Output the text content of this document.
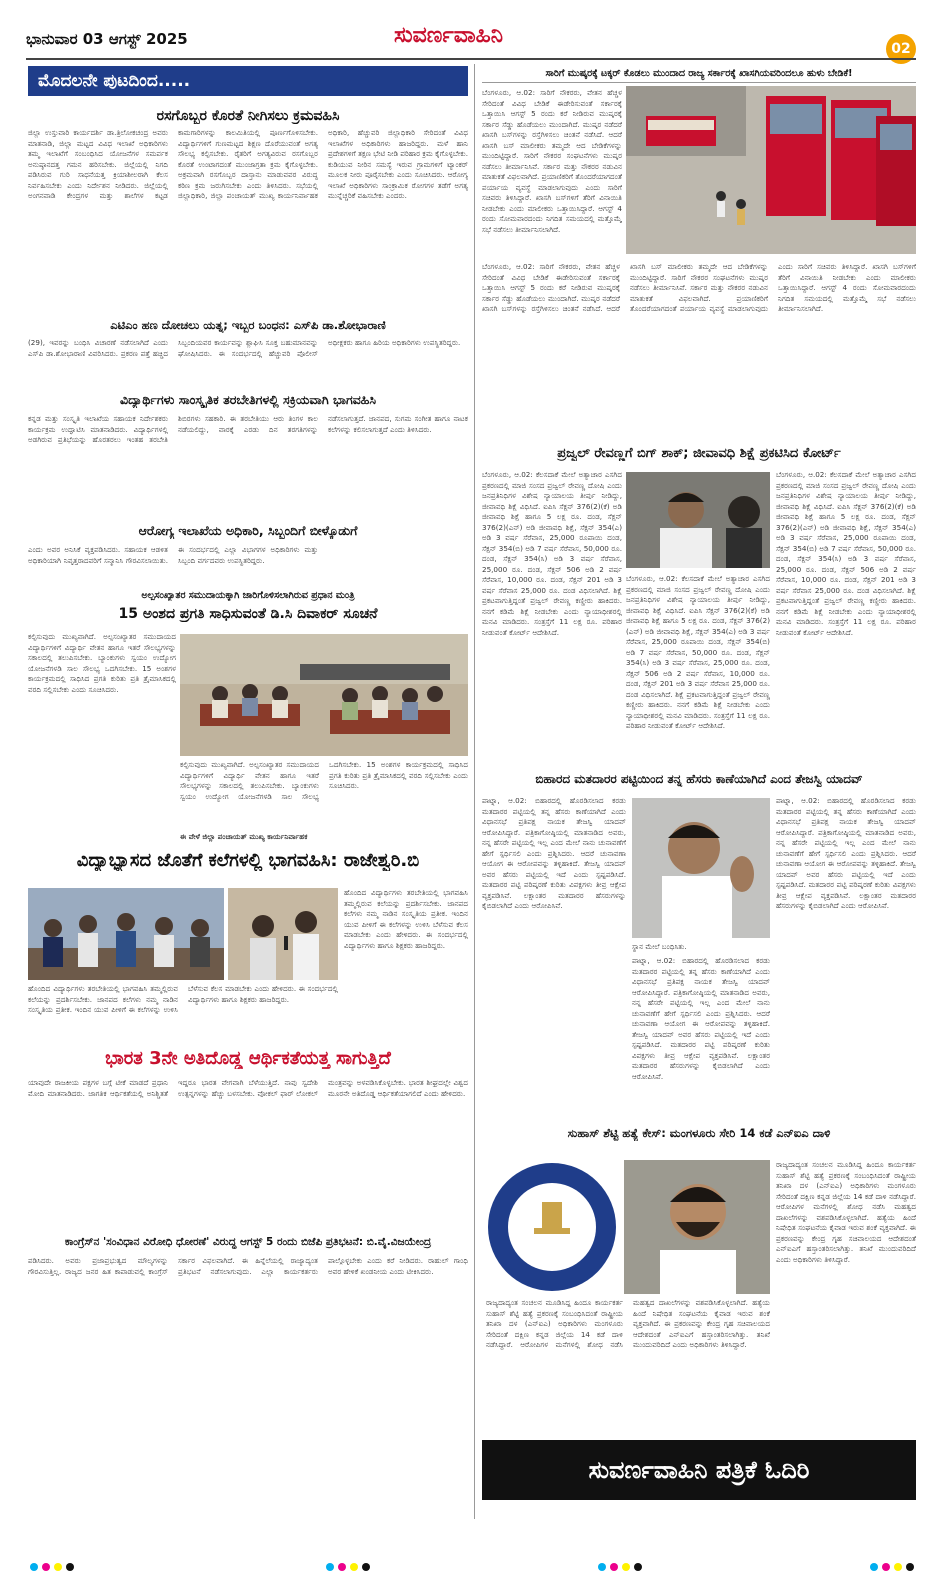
ಭಾನುವಾರ 03 ಆಗಸ್ಟ್ 2025	ಸುವರ್ಣವಾಹಿನಿ
02
ಮೊದಲನೇ ಪುಟದಿಂದ.....
ರಸಗೊಬ್ಬರ ಕೊರತೆ ನೀಗಿಸಲು ಕ್ರಮವಹಿಸಿ
ಜಿಲ್ಲಾ ಉಸ್ತುವಾರಿ ಕಾರ್ಯದರ್ಶಿ ಡಾ.ತ್ರಿಲೋಕಚಂದ್ರ ಅವರು ಮಾತನಾಡಿ, ಜಿಲ್ಲಾ ಮಟ್ಟದ ವಿವಿಧ ಇಲಾಖೆ ಅಧಿಕಾರಿಗಳು ತಮ್ಮ ಇಲಾಖೆಗೆ ಸಂಬಂಧಿಸಿದ ಯೋಜನೆಗಳ ಸಮರ್ಪಕ ಅನುಷ್ಠಾನದತ್ತ ಗಮನ ಹರಿಸಬೇಕು. ಜಿಲ್ಲೆಯಲ್ಲಿ ನಿಗದಿ ಪಡಿಸಿರುವ ಗುರಿ ಸಾಧನೆಯತ್ತ ಕ್ರಿಯಾಶೀಲರಾಗಿ ಕೆಲಸ ನಿರ್ವಹಿಸಬೇಕು ಎಂದು ನಿರ್ದೇಶನ ನೀಡಿದರು. ಜಿಲ್ಲೆಯಲ್ಲಿ ಅಂಗನವಾಡಿ ಕೇಂದ್ರಗಳ ಮತ್ತು ಶಾಲೆಗಳ ಕಟ್ಟಡ ಕಾಮಗಾರಿಗಳನ್ನು ಕಾಲಮಿತಿಯಲ್ಲಿ ಪೂರ್ಣಗೊಳಿಸಬೇಕು. ವಿದ್ಯಾರ್ಥಿಗಳಿಗೆ ಗುಣಮಟ್ಟದ ಶಿಕ್ಷಣ ದೊರೆಯುವಂತೆ ಅಗತ್ಯ ಸೌಲಭ್ಯ ಕಲ್ಪಿಸಬೇಕು. ರೈತರಿಗೆ ಅಗತ್ಯವಿರುವ ರಸಗೊಬ್ಬರ ಕೊರತೆ ಉಂಟಾಗದಂತೆ ಮುಂಜಾಗ್ರತಾ ಕ್ರಮ ಕೈಗೊಳ್ಳಬೇಕು. ಅಕ್ರಮವಾಗಿ ರಸಗೊಬ್ಬರ ದಾಸ್ತಾನು ಮಾಡುವವರ ವಿರುದ್ಧ ಕಠಿಣ ಕ್ರಮ ಜರುಗಿಸಬೇಕು ಎಂದು ತಿಳಿಸಿದರು. ಸಭೆಯಲ್ಲಿ ಜಿಲ್ಲಾಧಿಕಾರಿ, ಜಿಲ್ಲಾ ಪಂಚಾಯತ್ ಮುಖ್ಯ ಕಾರ್ಯನಿರ್ವಾಹಕ ಅಧಿಕಾರಿ, ಹೆಚ್ಚುವರಿ ಜಿಲ್ಲಾಧಿಕಾರಿ ಸೇರಿದಂತೆ ವಿವಿಧ ಇಲಾಖೆಗಳ ಅಧಿಕಾರಿಗಳು ಹಾಜರಿದ್ದರು. ಮಳೆ ಹಾನಿ ಪ್ರದೇಶಗಳಿಗೆ ತಕ್ಷಣ ಭೇಟಿ ನೀಡಿ ಪರಿಹಾರ ಕ್ರಮ ಕೈಗೊಳ್ಳಬೇಕು. ಕುಡಿಯುವ ನೀರಿನ ಸಮಸ್ಯೆ ಇರುವ ಗ್ರಾಮಗಳಿಗೆ ಟ್ಯಾಂಕರ್ ಮೂಲಕ ನೀರು ಪೂರೈಸಬೇಕು ಎಂದು ಸೂಚಿಸಿದರು. ಆರೋಗ್ಯ ಇಲಾಖೆ ಅಧಿಕಾರಿಗಳು ಸಾಂಕ್ರಾಮಿಕ ರೋಗಗಳ ತಡೆಗೆ ಅಗತ್ಯ ಮುನ್ನೆಚ್ಚರಿಕೆ ವಹಿಸಬೇಕು ಎಂದರು.
ಎಟಿಎಂ ಹಣ ದೋಚಲು ಯತ್ನ; ಇಬ್ಬರ ಬಂಧನ: ಎಸ್‌ಪಿ ಡಾ.ಶೋಭಾರಾಣಿ
(29), ಇವರನ್ನು ಬಂಧಿಸಿ ವಿಚಾರಣೆ ನಡೆಸಲಾಗಿದೆ ಎಂದು ಎಸ್‌ಪಿ ಡಾ.ಶೋಭಾರಾಣಿ ವಿವರಿಸಿದರು. ಪ್ರಕರಣ ಪತ್ತೆ ಹಚ್ಚಿದ ಸಿಬ್ಬಂದಿಯವರ ಕಾರ್ಯವನ್ನು ಶ್ಲಾಘಿಸಿ ಸೂಕ್ತ ಬಹುಮಾನವನ್ನು ಘೋಷಿಸಿದರು. ಈ ಸಂದರ್ಭದಲ್ಲಿ ಹೆಚ್ಚುವರಿ ಪೊಲೀಸ್ ಅಧೀಕ್ಷಕರು ಹಾಗೂ ಹಿರಿಯ ಅಧಿಕಾರಿಗಳು ಉಪಸ್ಥಿತರಿದ್ದರು.
ವಿದ್ಯಾರ್ಥಿಗಳು ಸಾಂಸ್ಕೃತಿಕ ತರಬೇತಿಗಳಲ್ಲಿ ಸಕ್ರಿಯವಾಗಿ ಭಾಗವಹಿಸಿ
ಕನ್ನಡ ಮತ್ತು ಸಂಸ್ಕೃತಿ ಇಲಾಖೆಯ ಸಹಾಯಕ ನಿರ್ದೇಶಕರು ಕಾರ್ಯಕ್ರಮ ಉದ್ಘಾಟಿಸಿ ಮಾತನಾಡಿದರು. ವಿದ್ಯಾರ್ಥಿಗಳಲ್ಲಿ ಅಡಗಿರುವ ಪ್ರತಿಭೆಯನ್ನು ಹೊರತರಲು ಇಂತಹ ತರಬೇತಿ ಶಿಬಿರಗಳು ಸಹಕಾರಿ. ಈ ತರಬೇತಿಯು ಆರು ತಿಂಗಳ ಕಾಲ ನಡೆಯಲಿದ್ದು, ವಾರಕ್ಕೆ ಎರಡು ದಿನ ತರಗತಿಗಳನ್ನು ನಡೆಸಲಾಗುತ್ತದೆ. ಜಾನಪದ, ಸುಗಮ ಸಂಗೀತ ಹಾಗೂ ನಾಟಕ ಕಲೆಗಳನ್ನು ಕಲಿಸಲಾಗುತ್ತದೆ ಎಂದು ತಿಳಿಸಿದರು.
ಆರೋಗ್ಯ ಇಲಾಖೆಯ ಅಧಿಕಾರಿ, ಸಿಬ್ಬಂದಿಗೆ ಬೀಳ್ಕೊಡುಗೆ
ಎಂದು ಅವರ ಅನಿಸಿಕೆ ವ್ಯಕ್ತಪಡಿಸಿದರು. ಸಹಾಯಕ ಆಡಳಿತ ಅಧಿಕಾರಿಯಾಗಿ ನಿವೃತ್ತರಾದವರಿಗೆ ಸನ್ಮಾನಿಸಿ ಗೌರವಿಸಲಾಯಿತು. ಈ ಸಂದರ್ಭದಲ್ಲಿ ಎಲ್ಲಾ ವಿಭಾಗಗಳ ಅಧಿಕಾರಿಗಳು ಮತ್ತು ಸಿಬ್ಬಂದಿ ವರ್ಗದವರು ಉಪಸ್ಥಿತರಿದ್ದರು.
ಅಲ್ಪಸಂಖ್ಯಾತರ ಸಮುದಾಯಕ್ಕಾಗಿ ಜಾರಿಗೊಳಿಸಲಾಗಿರುವ ಪ್ರಧಾನ ಮಂತ್ರಿ
15 ಅಂಶದ ಪ್ರಗತಿ ಸಾಧಿಸುವಂತೆ ಡಿ.ಸಿ ದಿವಾಕರ್ ಸೂಚನೆ
ಕಲ್ಪಿಸುವುದು ಮುಖ್ಯವಾಗಿದೆ. ಅಲ್ಪಸಂಖ್ಯಾತರ ಸಮುದಾಯದ ವಿದ್ಯಾರ್ಥಿಗಳಿಗೆ ವಿದ್ಯಾರ್ಥಿ ವೇತನ ಹಾಗೂ ಇತರೆ ಸೌಲಭ್ಯಗಳನ್ನು ಸಕಾಲದಲ್ಲಿ ತಲುಪಿಸಬೇಕು. ಬ್ಯಾಂಕುಗಳು ಸ್ವಯಂ ಉದ್ಯೋಗ ಯೋಜನೆಗಳಡಿ ಸಾಲ ಸೌಲಭ್ಯ ಒದಗಿಸಬೇಕು. 15 ಅಂಶಗಳ ಕಾರ್ಯಕ್ರಮದಲ್ಲಿ ಸಾಧಿಸಿದ ಪ್ರಗತಿ ಕುರಿತು ಪ್ರತಿ ತ್ರೈಮಾಸಿಕದಲ್ಲಿ ವರದಿ ಸಲ್ಲಿಸಬೇಕು ಎಂದು ಸೂಚಿಸಿದರು.
ಕಲ್ಪಿಸುವುದು ಮುಖ್ಯವಾಗಿದೆ. ಅಲ್ಪಸಂಖ್ಯಾತರ ಸಮುದಾಯದ ವಿದ್ಯಾರ್ಥಿಗಳಿಗೆ ವಿದ್ಯಾರ್ಥಿ ವೇತನ ಹಾಗೂ ಇತರೆ ಸೌಲಭ್ಯಗಳನ್ನು ಸಕಾಲದಲ್ಲಿ ತಲುಪಿಸಬೇಕು. ಬ್ಯಾಂಕುಗಳು ಸ್ವಯಂ ಉದ್ಯೋಗ ಯೋಜನೆಗಳಡಿ ಸಾಲ ಸೌಲಭ್ಯ ಒದಗಿಸಬೇಕು. 15 ಅಂಶಗಳ ಕಾರ್ಯಕ್ರಮದಲ್ಲಿ ಸಾಧಿಸಿದ ಪ್ರಗತಿ ಕುರಿತು ಪ್ರತಿ ತ್ರೈಮಾಸಿಕದಲ್ಲಿ ವರದಿ ಸಲ್ಲಿಸಬೇಕು ಎಂದು ಸೂಚಿಸಿದರು.
ಈ ವೇಳೆ ಜಿಲ್ಲಾ ಪಂಚಾಯತ್ ಮುಖ್ಯ ಕಾರ್ಯನಿರ್ವಾಹಕ
ವಿದ್ಯಾಭ್ಯಾಸದ ಜೊತೆಗೆ ಕಲೆಗಳಲ್ಲಿ ಭಾಗವಹಿಸಿ: ರಾಜೇಶ್ವರಿ.ಬಿ
ಹೊಂದಿದ ವಿದ್ಯಾರ್ಥಿಗಳು ತರಬೇತಿಯಲ್ಲಿ ಭಾಗವಹಿಸಿ ತಮ್ಮಲ್ಲಿರುವ ಕಲೆಯನ್ನು ಪ್ರದರ್ಶಿಸಬೇಕು. ಜಾನಪದ ಕಲೆಗಳು ನಮ್ಮ ನಾಡಿನ ಸಂಸ್ಕೃತಿಯ ಪ್ರತೀಕ. ಇಂದಿನ ಯುವ ಪೀಳಿಗೆ ಈ ಕಲೆಗಳನ್ನು ಉಳಿಸಿ ಬೆಳೆಸುವ ಕೆಲಸ ಮಾಡಬೇಕು ಎಂದು ಹೇಳಿದರು. ಈ ಸಂದರ್ಭದಲ್ಲಿ ವಿದ್ಯಾರ್ಥಿಗಳು ಹಾಗೂ ಶಿಕ್ಷಕರು ಹಾಜರಿದ್ದರು.
ಹೊಂದಿದ ವಿದ್ಯಾರ್ಥಿಗಳು ತರಬೇತಿಯಲ್ಲಿ ಭಾಗವಹಿಸಿ ತಮ್ಮಲ್ಲಿರುವ ಕಲೆಯನ್ನು ಪ್ರದರ್ಶಿಸಬೇಕು. ಜಾನಪದ ಕಲೆಗಳು ನಮ್ಮ ನಾಡಿನ ಸಂಸ್ಕೃತಿಯ ಪ್ರತೀಕ. ಇಂದಿನ ಯುವ ಪೀಳಿಗೆ ಈ ಕಲೆಗಳನ್ನು ಉಳಿಸಿ ಬೆಳೆಸುವ ಕೆಲಸ ಮಾಡಬೇಕು ಎಂದು ಹೇಳಿದರು. ಈ ಸಂದರ್ಭದಲ್ಲಿ ವಿದ್ಯಾರ್ಥಿಗಳು ಹಾಗೂ ಶಿಕ್ಷಕರು ಹಾಜರಿದ್ದರು.
ಭಾರತ 3ನೇ ಅತಿದೊಡ್ಡ ಆರ್ಥಿಕತೆಯತ್ತ ಸಾಗುತ್ತಿದೆ
ಯಾವುದೇ ರಾಜಕೀಯ ಪಕ್ಷಗಳ ಬಗ್ಗೆ ಟೀಕೆ ಮಾಡದೆ ಪ್ರಧಾನಿ ಮೋದಿ ಮಾತನಾಡಿದರು. ಜಾಗತಿಕ ಆರ್ಥಿಕತೆಯಲ್ಲಿ ಅನಿಶ್ಚಿತತೆ ಇದ್ದರೂ ಭಾರತ ವೇಗವಾಗಿ ಬೆಳೆಯುತ್ತಿದೆ. ನಾವು ಸ್ವದೇಶಿ ಉತ್ಪನ್ನಗಳನ್ನು ಹೆಚ್ಚು ಬಳಸಬೇಕು. ವೋಕಲ್ ಫಾರ್ ಲೋಕಲ್ ಮಂತ್ರವನ್ನು ಅಳವಡಿಸಿಕೊಳ್ಳಬೇಕು. ಭಾರತ ಶೀಘ್ರದಲ್ಲೇ ವಿಶ್ವದ ಮೂರನೇ ಅತಿದೊಡ್ಡ ಆರ್ಥಿಕತೆಯಾಗಲಿದೆ ಎಂದು ಹೇಳಿದರು.
ಕಾಂಗ್ರೆಸ್‌ನ 'ಸಂವಿಧಾನ ವಿರೋಧಿ ಧೋರಣೆ' ವಿರುದ್ಧ ಆಗಸ್ಟ್ 5 ರಂದು ಬಿಜೆಪಿ ಪ್ರತಿಭಟನೆ: ಬಿ.ವೈ.ವಿಜಯೇಂದ್ರ
ಪಡಿಸಿದರು. ಅವರು ಪ್ರಜಾಪ್ರಭುತ್ವದ ಮೌಲ್ಯಗಳನ್ನು ಗೌರವಿಸುತ್ತಿಲ್ಲ. ರಾಜ್ಯದ ಜನರ ಹಿತ ಕಾಪಾಡುವಲ್ಲಿ ಕಾಂಗ್ರೆಸ್ ಸರ್ಕಾರ ವಿಫಲವಾಗಿದೆ. ಈ ಹಿನ್ನೆಲೆಯಲ್ಲಿ ರಾಜ್ಯಾದ್ಯಂತ ಪ್ರತಿಭಟನೆ ನಡೆಸಲಾಗುವುದು. ಎಲ್ಲಾ ಕಾರ್ಯಕರ್ತರು ಪಾಲ್ಗೊಳ್ಳಬೇಕು ಎಂದು ಕರೆ ನೀಡಿದರು. ರಾಹುಲ್ ಗಾಂಧಿ ಅವರ ಹೇಳಿಕೆ ಖಂಡನೀಯ ಎಂದು ಟೀಕಿಸಿದರು.
ಸಾರಿಗೆ ಮುಷ್ಕರಕ್ಕೆ ಟಕ್ಕರ್ ಕೊಡಲು ಮುಂದಾದ ರಾಜ್ಯ ಸರ್ಕಾರಕ್ಕೆ ಖಾಸಗಿಯವರಿಂದಲೂ ಹುಳು ಬೇಡಿಕೆ!
ಬೆಂಗಳೂರು, ಆ.02: ಸಾರಿಗೆ ನೌಕರರು, ವೇತನ ಹೆಚ್ಚಳ ಸೇರಿದಂತೆ ವಿವಿಧ ಬೇಡಿಕೆ ಈಡೇರಿಸುವಂತೆ ಸರ್ಕಾರಕ್ಕೆ ಒತ್ತಾಯಿಸಿ ಆಗಸ್ಟ್ 5 ರಂದು ಕರೆ ನೀಡಿರುವ ಮುಷ್ಕರಕ್ಕೆ ಸರ್ಕಾರ ಸೆಡ್ಡು ಹೊಡೆಯಲು ಮುಂದಾಗಿದೆ. ಮುಷ್ಕರ ನಡೆದರೆ ಖಾಸಗಿ ಬಸ್‌ಗಳನ್ನು ರಸ್ತೆಗಿಳಿಸಲು ಚಿಂತನೆ ನಡೆಸಿದೆ. ಆದರೆ ಖಾಸಗಿ ಬಸ್ ಮಾಲೀಕರು ತಮ್ಮದೇ ಆದ ಬೇಡಿಕೆಗಳನ್ನು ಮುಂದಿಟ್ಟಿದ್ದಾರೆ. ಸಾರಿಗೆ ನೌಕರರ ಸಂಘಟನೆಗಳು ಮುಷ್ಕರ ನಡೆಸಲು ತೀರ್ಮಾನಿಸಿವೆ. ಸರ್ಕಾರ ಮತ್ತು ನೌಕರರ ನಡುವಿನ ಮಾತುಕತೆ ವಿಫಲವಾಗಿದೆ. ಪ್ರಯಾಣಿಕರಿಗೆ ತೊಂದರೆಯಾಗದಂತೆ ಪರ್ಯಾಯ ವ್ಯವಸ್ಥೆ ಮಾಡಲಾಗುವುದು ಎಂದು ಸಾರಿಗೆ ಸಚಿವರು ತಿಳಿಸಿದ್ದಾರೆ. ಖಾಸಗಿ ಬಸ್‌ಗಳಿಗೆ ತೆರಿಗೆ ವಿನಾಯಿತಿ ನೀಡಬೇಕು ಎಂದು ಮಾಲೀಕರು ಒತ್ತಾಯಿಸಿದ್ದಾರೆ. ಆಗಸ್ಟ್ 4 ರಂದು ಸೋಮವಾರದಂದು ನಿಗದಿತ ಸಮಯದಲ್ಲಿ ಮತ್ತೊಮ್ಮೆ ಸಭೆ ನಡೆಸಲು ತೀರ್ಮಾನಿಸಲಾಗಿದೆ.
ಬೆಂಗಳೂರು, ಆ.02: ಸಾರಿಗೆ ನೌಕರರು, ವೇತನ ಹೆಚ್ಚಳ ಸೇರಿದಂತೆ ವಿವಿಧ ಬೇಡಿಕೆ ಈಡೇರಿಸುವಂತೆ ಸರ್ಕಾರಕ್ಕೆ ಒತ್ತಾಯಿಸಿ ಆಗಸ್ಟ್ 5 ರಂದು ಕರೆ ನೀಡಿರುವ ಮುಷ್ಕರಕ್ಕೆ ಸರ್ಕಾರ ಸೆಡ್ಡು ಹೊಡೆಯಲು ಮುಂದಾಗಿದೆ. ಮುಷ್ಕರ ನಡೆದರೆ ಖಾಸಗಿ ಬಸ್‌ಗಳನ್ನು ರಸ್ತೆಗಿಳಿಸಲು ಚಿಂತನೆ ನಡೆಸಿದೆ. ಆದರೆ ಖಾಸಗಿ ಬಸ್ ಮಾಲೀಕರು ತಮ್ಮದೇ ಆದ ಬೇಡಿಕೆಗಳನ್ನು ಮುಂದಿಟ್ಟಿದ್ದಾರೆ. ಸಾರಿಗೆ ನೌಕರರ ಸಂಘಟನೆಗಳು ಮುಷ್ಕರ ನಡೆಸಲು ತೀರ್ಮಾನಿಸಿವೆ. ಸರ್ಕಾರ ಮತ್ತು ನೌಕರರ ನಡುವಿನ ಮಾತುಕತೆ ವಿಫಲವಾಗಿದೆ. ಪ್ರಯಾಣಿಕರಿಗೆ ತೊಂದರೆಯಾಗದಂತೆ ಪರ್ಯಾಯ ವ್ಯವಸ್ಥೆ ಮಾಡಲಾಗುವುದು ಎಂದು ಸಾರಿಗೆ ಸಚಿವರು ತಿಳಿಸಿದ್ದಾರೆ. ಖಾಸಗಿ ಬಸ್‌ಗಳಿಗೆ ತೆರಿಗೆ ವಿನಾಯಿತಿ ನೀಡಬೇಕು ಎಂದು ಮಾಲೀಕರು ಒತ್ತಾಯಿಸಿದ್ದಾರೆ. ಆಗಸ್ಟ್ 4 ರಂದು ಸೋಮವಾರದಂದು ನಿಗದಿತ ಸಮಯದಲ್ಲಿ ಮತ್ತೊಮ್ಮೆ ಸಭೆ ನಡೆಸಲು ತೀರ್ಮಾನಿಸಲಾಗಿದೆ.
ಪ್ರಜ್ವಲ್ ರೇವಣ್ಣಗೆ ಬಿಗ್ ಶಾಕ್; ಜೀವಾವಧಿ ಶಿಕ್ಷೆ ಪ್ರಕಟಿಸಿದ ಕೋರ್ಟ್
ಬೆಂಗಳೂರು, ಆ.02: ಕೆಲಸದಾಕೆ ಮೇಲೆ ಅತ್ಯಾಚಾರ ಎಸಗಿದ ಪ್ರಕರಣದಲ್ಲಿ ಮಾಜಿ ಸಂಸದ ಪ್ರಜ್ವಲ್ ರೇವಣ್ಣ ದೋಷಿ ಎಂದು ಜನಪ್ರತಿನಿಧಿಗಳ ವಿಶೇಷ ನ್ಯಾಯಾಲಯ ತೀರ್ಪು ನೀಡಿದ್ದು, ಜೀವಾವಧಿ ಶಿಕ್ಷೆ ವಿಧಿಸಿದೆ. ಐಪಿಸಿ ಸೆಕ್ಷನ್ 376(2)(ಕೆ) ಅಡಿ ಜೀವಾವಧಿ ಶಿಕ್ಷೆ ಹಾಗೂ 5 ಲಕ್ಷ ರೂ. ದಂಡ, ಸೆಕ್ಷನ್ 376(2)(ಎನ್) ಅಡಿ ಜೀವಾವಧಿ ಶಿಕ್ಷೆ, ಸೆಕ್ಷನ್ 354(ಎ) ಅಡಿ 3 ವರ್ಷ ಸೆರೆವಾಸ, 25,000 ರೂಪಾಯಿ ದಂಡ, ಸೆಕ್ಷನ್ 354(ಬಿ) ಅಡಿ 7 ವರ್ಷ ಸೆರೆವಾಸ, 50,000 ರೂ. ದಂಡ, ಸೆಕ್ಷನ್ 354(ಸಿ) ಅಡಿ 3 ವರ್ಷ ಸೆರೆವಾಸ, 25,000 ರೂ. ದಂಡ, ಸೆಕ್ಷನ್ 506 ಅಡಿ 2 ವರ್ಷ ಸೆರೆವಾಸ, 10,000 ರೂ. ದಂಡ, ಸೆಕ್ಷನ್ 201 ಅಡಿ 3 ವರ್ಷ ಸೆರೆವಾಸ 25,000 ರೂ. ದಂಡ ವಿಧಿಸಲಾಗಿದೆ. ಶಿಕ್ಷೆ ಪ್ರಕಟವಾಗುತ್ತಿದ್ದಂತೆ ಪ್ರಜ್ವಲ್ ರೇವಣ್ಣ ಕಣ್ಣೀರು ಹಾಕಿದರು. ನನಗೆ ಕಡಿಮೆ ಶಿಕ್ಷೆ ನೀಡಬೇಕು ಎಂದು ನ್ಯಾಯಾಧೀಶರಲ್ಲಿ ಮನವಿ ಮಾಡಿದರು. ಸಂತ್ರಸ್ತೆಗೆ 11 ಲಕ್ಷ ರೂ. ಪರಿಹಾರ ನೀಡುವಂತೆ ಕೋರ್ಟ್ ಆದೇಶಿಸಿದೆ.
ಬೆಂಗಳೂರು, ಆ.02: ಕೆಲಸದಾಕೆ ಮೇಲೆ ಅತ್ಯಾಚಾರ ಎಸಗಿದ ಪ್ರಕರಣದಲ್ಲಿ ಮಾಜಿ ಸಂಸದ ಪ್ರಜ್ವಲ್ ರೇವಣ್ಣ ದೋಷಿ ಎಂದು ಜನಪ್ರತಿನಿಧಿಗಳ ವಿಶೇಷ ನ್ಯಾಯಾಲಯ ತೀರ್ಪು ನೀಡಿದ್ದು, ಜೀವಾವಧಿ ಶಿಕ್ಷೆ ವಿಧಿಸಿದೆ. ಐಪಿಸಿ ಸೆಕ್ಷನ್ 376(2)(ಕೆ) ಅಡಿ ಜೀವಾವಧಿ ಶಿಕ್ಷೆ ಹಾಗೂ 5 ಲಕ್ಷ ರೂ. ದಂಡ, ಸೆಕ್ಷನ್ 376(2)(ಎನ್) ಅಡಿ ಜೀವಾವಧಿ ಶಿಕ್ಷೆ, ಸೆಕ್ಷನ್ 354(ಎ) ಅಡಿ 3 ವರ್ಷ ಸೆರೆವಾಸ, 25,000 ರೂಪಾಯಿ ದಂಡ, ಸೆಕ್ಷನ್ 354(ಬಿ) ಅಡಿ 7 ವರ್ಷ ಸೆರೆವಾಸ, 50,000 ರೂ. ದಂಡ, ಸೆಕ್ಷನ್ 354(ಸಿ) ಅಡಿ 3 ವರ್ಷ ಸೆರೆವಾಸ, 25,000 ರೂ. ದಂಡ, ಸೆಕ್ಷನ್ 506 ಅಡಿ 2 ವರ್ಷ ಸೆರೆವಾಸ, 10,000 ರೂ. ದಂಡ, ಸೆಕ್ಷನ್ 201 ಅಡಿ 3 ವರ್ಷ ಸೆರೆವಾಸ 25,000 ರೂ. ದಂಡ ವಿಧಿಸಲಾಗಿದೆ. ಶಿಕ್ಷೆ ಪ್ರಕಟವಾಗುತ್ತಿದ್ದಂತೆ ಪ್ರಜ್ವಲ್ ರೇವಣ್ಣ ಕಣ್ಣೀರು ಹಾಕಿದರು. ನನಗೆ ಕಡಿಮೆ ಶಿಕ್ಷೆ ನೀಡಬೇಕು ಎಂದು ನ್ಯಾಯಾಧೀಶರಲ್ಲಿ ಮನವಿ ಮಾಡಿದರು. ಸಂತ್ರಸ್ತೆಗೆ 11 ಲಕ್ಷ ರೂ. ಪರಿಹಾರ ನೀಡುವಂತೆ ಕೋರ್ಟ್ ಆದೇಶಿಸಿದೆ.
ಬೆಂಗಳೂರು, ಆ.02: ಕೆಲಸದಾಕೆ ಮೇಲೆ ಅತ್ಯಾಚಾರ ಎಸಗಿದ ಪ್ರಕರಣದಲ್ಲಿ ಮಾಜಿ ಸಂಸದ ಪ್ರಜ್ವಲ್ ರೇವಣ್ಣ ದೋಷಿ ಎಂದು ಜನಪ್ರತಿನಿಧಿಗಳ ವಿಶೇಷ ನ್ಯಾಯಾಲಯ ತೀರ್ಪು ನೀಡಿದ್ದು, ಜೀವಾವಧಿ ಶಿಕ್ಷೆ ವಿಧಿಸಿದೆ. ಐಪಿಸಿ ಸೆಕ್ಷನ್ 376(2)(ಕೆ) ಅಡಿ ಜೀವಾವಧಿ ಶಿಕ್ಷೆ ಹಾಗೂ 5 ಲಕ್ಷ ರೂ. ದಂಡ, ಸೆಕ್ಷನ್ 376(2)(ಎನ್) ಅಡಿ ಜೀವಾವಧಿ ಶಿಕ್ಷೆ, ಸೆಕ್ಷನ್ 354(ಎ) ಅಡಿ 3 ವರ್ಷ ಸೆರೆವಾಸ, 25,000 ರೂಪಾಯಿ ದಂಡ, ಸೆಕ್ಷನ್ 354(ಬಿ) ಅಡಿ 7 ವರ್ಷ ಸೆರೆವಾಸ, 50,000 ರೂ. ದಂಡ, ಸೆಕ್ಷನ್ 354(ಸಿ) ಅಡಿ 3 ವರ್ಷ ಸೆರೆವಾಸ, 25,000 ರೂ. ದಂಡ, ಸೆಕ್ಷನ್ 506 ಅಡಿ 2 ವರ್ಷ ಸೆರೆವಾಸ, 10,000 ರೂ. ದಂಡ, ಸೆಕ್ಷನ್ 201 ಅಡಿ 3 ವರ್ಷ ಸೆರೆವಾಸ 25,000 ರೂ. ದಂಡ ವಿಧಿಸಲಾಗಿದೆ. ಶಿಕ್ಷೆ ಪ್ರಕಟವಾಗುತ್ತಿದ್ದಂತೆ ಪ್ರಜ್ವಲ್ ರೇವಣ್ಣ ಕಣ್ಣೀರು ಹಾಕಿದರು. ನನಗೆ ಕಡಿಮೆ ಶಿಕ್ಷೆ ನೀಡಬೇಕು ಎಂದು ನ್ಯಾಯಾಧೀಶರಲ್ಲಿ ಮನವಿ ಮಾಡಿದರು. ಸಂತ್ರಸ್ತೆಗೆ 11 ಲಕ್ಷ ರೂ. ಪರಿಹಾರ ನೀಡುವಂತೆ ಕೋರ್ಟ್ ಆದೇಶಿಸಿದೆ.
ಬಿಹಾರದ ಮತದಾರರ ಪಟ್ಟಿಯಿಂದ ತನ್ನ ಹೆಸರು ಕಾಣೆಯಾಗಿದೆ ಎಂದ ತೇಜಸ್ವಿ ಯಾದವ್
ಪಾಟ್ನಾ, ಆ.02: ಬಿಹಾರದಲ್ಲಿ ಹೊರಡಿಸಲಾದ ಕರಡು ಮತದಾರರ ಪಟ್ಟಿಯಲ್ಲಿ ತನ್ನ ಹೆಸರು ಕಾಣೆಯಾಗಿದೆ ಎಂದು ವಿಧಾನಸಭೆ ಪ್ರತಿಪಕ್ಷ ನಾಯಕ ತೇಜಸ್ವಿ ಯಾದವ್ ಆರೋಪಿಸಿದ್ದಾರೆ. ಪತ್ರಿಕಾಗೋಷ್ಠಿಯಲ್ಲಿ ಮಾತನಾಡಿದ ಅವರು, ನನ್ನ ಹೆಸರೇ ಪಟ್ಟಿಯಲ್ಲಿ ಇಲ್ಲ ಎಂದ ಮೇಲೆ ನಾನು ಚುನಾವಣೆಗೆ ಹೇಗೆ ಸ್ಪರ್ಧಿಸಲಿ ಎಂದು ಪ್ರಶ್ನಿಸಿದರು. ಆದರೆ ಚುನಾವಣಾ ಆಯೋಗ ಈ ಆರೋಪವನ್ನು ತಳ್ಳಿಹಾಕಿದೆ. ತೇಜಸ್ವಿ ಯಾದವ್ ಅವರ ಹೆಸರು ಪಟ್ಟಿಯಲ್ಲಿ ಇದೆ ಎಂದು ಸ್ಪಷ್ಟಪಡಿಸಿದೆ. ಮತದಾರರ ಪಟ್ಟಿ ಪರಿಷ್ಕರಣೆ ಕುರಿತು ವಿಪಕ್ಷಗಳು ತೀವ್ರ ಆಕ್ಷೇಪ ವ್ಯಕ್ತಪಡಿಸಿವೆ. ಲಕ್ಷಾಂತರ ಮತದಾರರ ಹೆಸರುಗಳನ್ನು ಕೈಬಿಡಲಾಗಿದೆ ಎಂದು ಆರೋಪಿಸಿವೆ.
ಸ್ಥಾನ ಮೇಲೆ ಬಂಧಿಸಿತು.
ಪಾಟ್ನಾ, ಆ.02: ಬಿಹಾರದಲ್ಲಿ ಹೊರಡಿಸಲಾದ ಕರಡು ಮತದಾರರ ಪಟ್ಟಿಯಲ್ಲಿ ತನ್ನ ಹೆಸರು ಕಾಣೆಯಾಗಿದೆ ಎಂದು ವಿಧಾನಸಭೆ ಪ್ರತಿಪಕ್ಷ ನಾಯಕ ತೇಜಸ್ವಿ ಯಾದವ್ ಆರೋಪಿಸಿದ್ದಾರೆ. ಪತ್ರಿಕಾಗೋಷ್ಠಿಯಲ್ಲಿ ಮಾತನಾಡಿದ ಅವರು, ನನ್ನ ಹೆಸರೇ ಪಟ್ಟಿಯಲ್ಲಿ ಇಲ್ಲ ಎಂದ ಮೇಲೆ ನಾನು ಚುನಾವಣೆಗೆ ಹೇಗೆ ಸ್ಪರ್ಧಿಸಲಿ ಎಂದು ಪ್ರಶ್ನಿಸಿದರು. ಆದರೆ ಚುನಾವಣಾ ಆಯೋಗ ಈ ಆರೋಪವನ್ನು ತಳ್ಳಿಹಾಕಿದೆ. ತೇಜಸ್ವಿ ಯಾದವ್ ಅವರ ಹೆಸರು ಪಟ್ಟಿಯಲ್ಲಿ ಇದೆ ಎಂದು ಸ್ಪಷ್ಟಪಡಿಸಿದೆ. ಮತದಾರರ ಪಟ್ಟಿ ಪರಿಷ್ಕರಣೆ ಕುರಿತು ವಿಪಕ್ಷಗಳು ತೀವ್ರ ಆಕ್ಷೇಪ ವ್ಯಕ್ತಪಡಿಸಿವೆ. ಲಕ್ಷಾಂತರ ಮತದಾರರ ಹೆಸರುಗಳನ್ನು ಕೈಬಿಡಲಾಗಿದೆ ಎಂದು ಆರೋಪಿಸಿವೆ.
ಪಾಟ್ನಾ, ಆ.02: ಬಿಹಾರದಲ್ಲಿ ಹೊರಡಿಸಲಾದ ಕರಡು ಮತದಾರರ ಪಟ್ಟಿಯಲ್ಲಿ ತನ್ನ ಹೆಸರು ಕಾಣೆಯಾಗಿದೆ ಎಂದು ವಿಧಾನಸಭೆ ಪ್ರತಿಪಕ್ಷ ನಾಯಕ ತೇಜಸ್ವಿ ಯಾದವ್ ಆರೋಪಿಸಿದ್ದಾರೆ. ಪತ್ರಿಕಾಗೋಷ್ಠಿಯಲ್ಲಿ ಮಾತನಾಡಿದ ಅವರು, ನನ್ನ ಹೆಸರೇ ಪಟ್ಟಿಯಲ್ಲಿ ಇಲ್ಲ ಎಂದ ಮೇಲೆ ನಾನು ಚುನಾವಣೆಗೆ ಹೇಗೆ ಸ್ಪರ್ಧಿಸಲಿ ಎಂದು ಪ್ರಶ್ನಿಸಿದರು. ಆದರೆ ಚುನಾವಣಾ ಆಯೋಗ ಈ ಆರೋಪವನ್ನು ತಳ್ಳಿಹಾಕಿದೆ. ತೇಜಸ್ವಿ ಯಾದವ್ ಅವರ ಹೆಸರು ಪಟ್ಟಿಯಲ್ಲಿ ಇದೆ ಎಂದು ಸ್ಪಷ್ಟಪಡಿಸಿದೆ. ಮತದಾರರ ಪಟ್ಟಿ ಪರಿಷ್ಕರಣೆ ಕುರಿತು ವಿಪಕ್ಷಗಳು ತೀವ್ರ ಆಕ್ಷೇಪ ವ್ಯಕ್ತಪಡಿಸಿವೆ. ಲಕ್ಷಾಂತರ ಮತದಾರರ ಹೆಸರುಗಳನ್ನು ಕೈಬಿಡಲಾಗಿದೆ ಎಂದು ಆರೋಪಿಸಿವೆ.
ಸುಹಾಸ್ ಶೆಟ್ಟಿ ಹತ್ಯೆ ಕೇಸ್: ಮಂಗಳೂರು ಸೇರಿ 14 ಕಡೆ ಎನ್‌ಐಎ ದಾಳಿ
ರಾಜ್ಯದಾದ್ಯಂತ ಸಂಚಲನ ಮೂಡಿಸಿದ್ದ ಹಿಂದೂ ಕಾರ್ಯಕರ್ತ ಸುಹಾಸ್ ಶೆಟ್ಟಿ ಹತ್ಯೆ ಪ್ರಕರಣಕ್ಕೆ ಸಂಬಂಧಿಸಿದಂತೆ ರಾಷ್ಟ್ರೀಯ ತನಿಖಾ ದಳ (ಎನ್‌ಐಎ) ಅಧಿಕಾರಿಗಳು ಮಂಗಳೂರು ಸೇರಿದಂತೆ ದಕ್ಷಿಣ ಕನ್ನಡ ಜಿಲ್ಲೆಯ 14 ಕಡೆ ದಾಳಿ ನಡೆಸಿದ್ದಾರೆ. ಆರೋಪಿಗಳ ಮನೆಗಳಲ್ಲಿ ಶೋಧ ನಡೆಸಿ ಮಹತ್ವದ ದಾಖಲೆಗಳನ್ನು ವಶಪಡಿಸಿಕೊಳ್ಳಲಾಗಿದೆ. ಹತ್ಯೆಯ ಹಿಂದೆ ನಿಷೇಧಿತ ಸಂಘಟನೆಯ ಕೈವಾಡ ಇರುವ ಶಂಕೆ ವ್ಯಕ್ತವಾಗಿದೆ. ಈ ಪ್ರಕರಣವನ್ನು ಕೇಂದ್ರ ಗೃಹ ಸಚಿವಾಲಯದ ಆದೇಶದಂತೆ ಎನ್‌ಐಎಗೆ ಹಸ್ತಾಂತರಿಸಲಾಗಿತ್ತು. ತನಿಖೆ ಮುಂದುವರಿದಿದೆ ಎಂದು ಅಧಿಕಾರಿಗಳು ತಿಳಿಸಿದ್ದಾರೆ.
ರಾಜ್ಯದಾದ್ಯಂತ ಸಂಚಲನ ಮೂಡಿಸಿದ್ದ ಹಿಂದೂ ಕಾರ್ಯಕರ್ತ ಸುಹಾಸ್ ಶೆಟ್ಟಿ ಹತ್ಯೆ ಪ್ರಕರಣಕ್ಕೆ ಸಂಬಂಧಿಸಿದಂತೆ ರಾಷ್ಟ್ರೀಯ ತನಿಖಾ ದಳ (ಎನ್‌ಐಎ) ಅಧಿಕಾರಿಗಳು ಮಂಗಳೂರು ಸೇರಿದಂತೆ ದಕ್ಷಿಣ ಕನ್ನಡ ಜಿಲ್ಲೆಯ 14 ಕಡೆ ದಾಳಿ ನಡೆಸಿದ್ದಾರೆ. ಆರೋಪಿಗಳ ಮನೆಗಳಲ್ಲಿ ಶೋಧ ನಡೆಸಿ ಮಹತ್ವದ ದಾಖಲೆಗಳನ್ನು ವಶಪಡಿಸಿಕೊಳ್ಳಲಾಗಿದೆ. ಹತ್ಯೆಯ ಹಿಂದೆ ನಿಷೇಧಿತ ಸಂಘಟನೆಯ ಕೈವಾಡ ಇರುವ ಶಂಕೆ ವ್ಯಕ್ತವಾಗಿದೆ. ಈ ಪ್ರಕರಣವನ್ನು ಕೇಂದ್ರ ಗೃಹ ಸಚಿವಾಲಯದ ಆದೇಶದಂತೆ ಎನ್‌ಐಎಗೆ ಹಸ್ತಾಂತರಿಸಲಾಗಿತ್ತು. ತನಿಖೆ ಮುಂದುವರಿದಿದೆ ಎಂದು ಅಧಿಕಾರಿಗಳು ತಿಳಿಸಿದ್ದಾರೆ.
ಸುವರ್ಣವಾಹಿನಿ ಪತ್ರಿಕೆ ಓದಿರಿ
